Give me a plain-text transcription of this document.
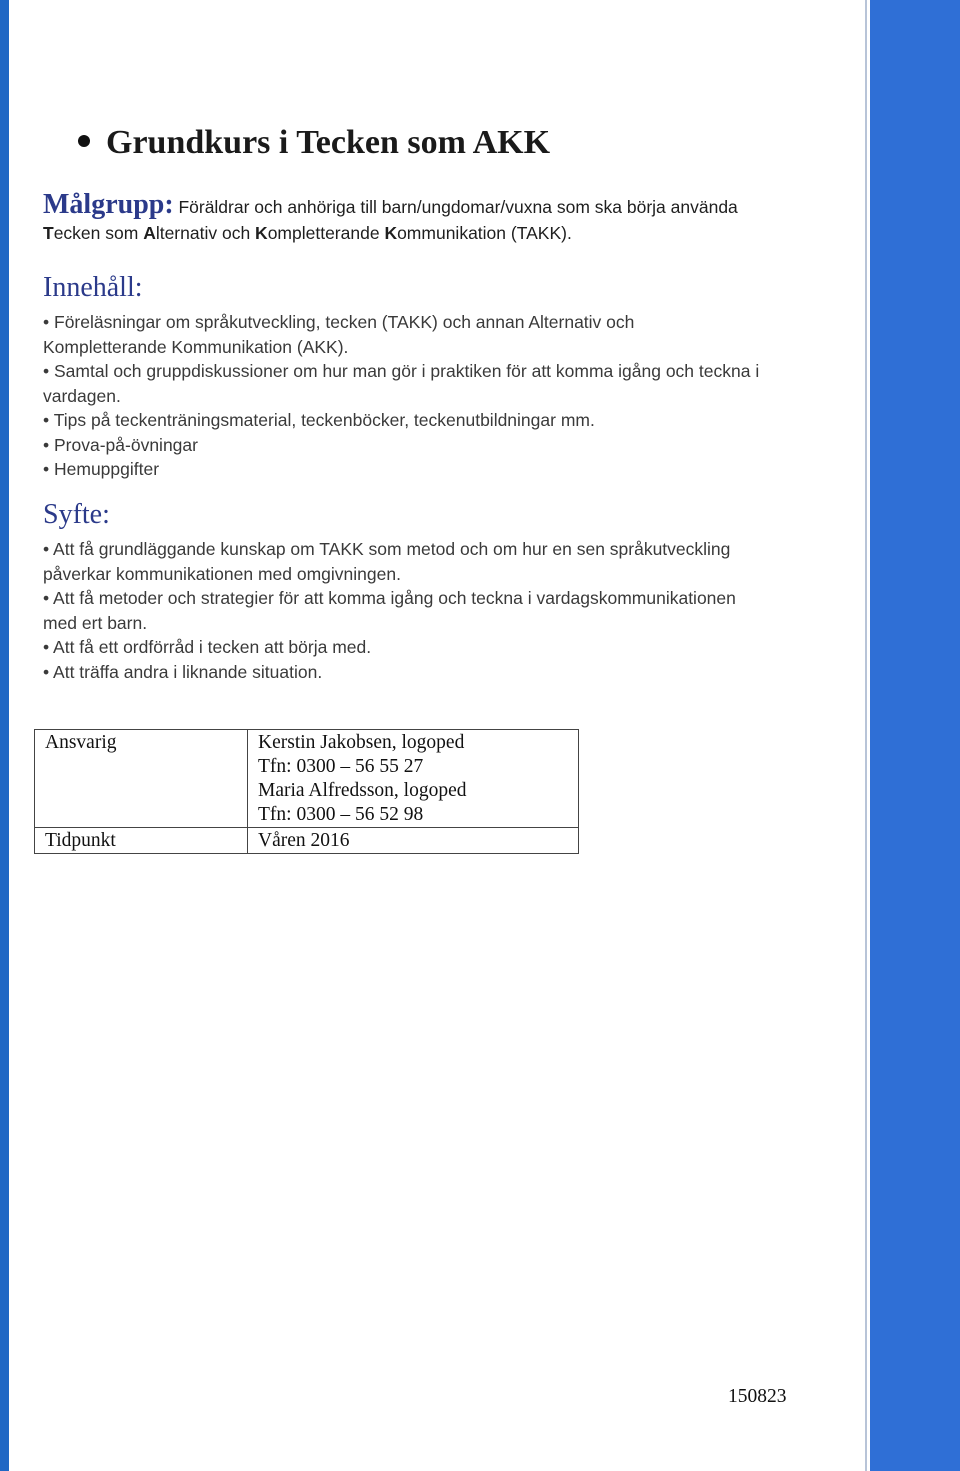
Grundkurs i Tecken som AKK
Målgrupp: Föräldrar och anhöriga till barn/ungdomar/vuxna som ska börja använda
Tecken som Alternativ och Kompletterande Kommunikation (TAKK).
Innehåll:
• Föreläsningar om språkutveckling, tecken (TAKK) och annan Alternativ och
Kompletterande Kommunikation (AKK).
• Samtal och gruppdiskussioner om hur man gör i praktiken för att komma igång och teckna i
vardagen.
• Tips på teckenträningsmaterial, teckenböcker, teckenutbildningar mm.
• Prova-på-övningar
• Hemuppgifter
Syfte:
• Att få grundläggande kunskap om TAKK som metod och om hur en sen språkutveckling
påverkar kommunikationen med omgivningen.
• Att få metoder och strategier för att komma igång och teckna i vardagskommunikationen
med ert barn.
• Att få ett ordförråd i tecken att börja med.
• Att träffa andra i liknande situation.
Ansvarig	Kerstin Jakobsen, logoped
Tfn: 0300 – 56 55 27
Maria Alfredsson, logoped
Tfn: 0300 – 56 52 98

Tidpunkt	Våren 2016
150823
